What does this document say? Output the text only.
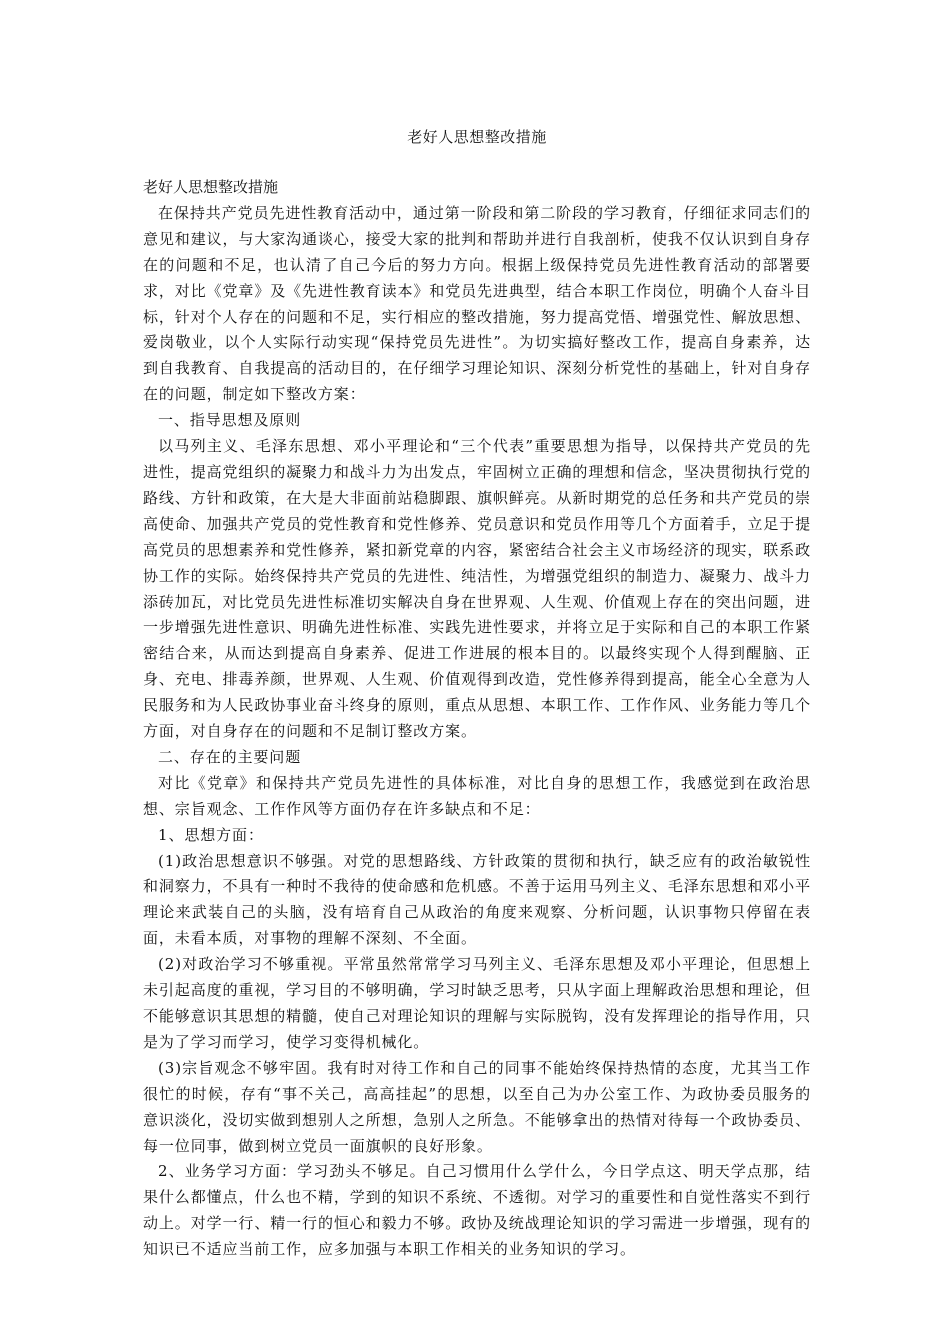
老好人思想整改措施

老好人思想整改措施

在保持共产党员先进性教育活动中，通过第一阶段和第二阶段的学习教育，仔细征求同志们的意见和建议，与大家沟通谈心，接受大家的批判和帮助并进行自我剖析，使我不仅认识到自身存在的问题和不足，也认清了自己今后的努力方向。根据上级保持党员先进性教育活动的部署要求，对比《党章》及《先进性教育读本》和党员先进典型，结合本职工作岗位，明确个人奋斗目标，针对个人存在的问题和不足，实行相应的整改措施，努力提高党悟、增强党性、解放思想、爱岗敬业，以个人实际行动实现“保持党员先进性”。为切实搞好整改工作，提高自身素养，达到自我教育、自我提高的活动目的，在仔细学习理论知识、深刻分析党性的基础上，针对自身存在的问题，制定如下整改方案：

一、指导思想及原则

以马列主义、毛泽东思想、邓小平理论和“三个代表”重要思想为指导，以保持共产党员的先进性，提高党组织的凝聚力和战斗力为出发点，牢固树立正确的理想和信念，坚决贯彻执行党的路线、方针和政策，在大是大非面前站稳脚跟、旗帜鲜亮。从新时期党的总任务和共产党员的崇高使命、加强共产党员的党性教育和党性修养、党员意识和党员作用等几个方面着手，立足于提高党员的思想素养和党性修养，紧扣新党章的内容，紧密结合社会主义市场经济的现实，联系政协工作的实际。始终保持共产党员的先进性、纯洁性，为增强党组织的制造力、凝聚力、战斗力添砖加瓦，对比党员先进性标准切实解决自身在世界观、人生观、价值观上存在的突出问题，进一步增强先进性意识、明确先进性标准、实践先进性要求，并将立足于实际和自己的本职工作紧密结合来，从而达到提高自身素养、促进工作进展的根本目的。以最终实现个人得到醒脑、正身、充电、排毒养颜，世界观、人生观、价值观得到改造，党性修养得到提高，能全心全意为人民服务和为人民政协事业奋斗终身的原则，重点从思想、本职工作、工作作风、业务能力等几个方面，对自身存在的问题和不足制订整改方案。

二、存在的主要问题

对比《党章》和保持共产党员先进性的具体标准，对比自身的思想工作，我感觉到在政治思想、宗旨观念、工作作风等方面仍存在许多缺点和不足：

1、思想方面：

(1)政治思想意识不够强。对党的思想路线、方针政策的贯彻和执行，缺乏应有的政治敏锐性和洞察力，不具有一种时不我待的使命感和危机感。不善于运用马列主义、毛泽东思想和邓小平理论来武装自己的头脑，没有培育自己从政治的角度来观察、分析问题，认识事物只停留在表面，未看本质，对事物的理解不深刻、不全面。

(2)对政治学习不够重视。平常虽然常常学习马列主义、毛泽东思想及邓小平理论，但思想上未引起高度的重视，学习目的不够明确，学习时缺乏思考，只从字面上理解政治思想和理论，但不能够意识其思想的精髓，使自己对理论知识的理解与实际脱钩，没有发挥理论的指导作用，只是为了学习而学习，使学习变得机械化。

(3)宗旨观念不够牢固。我有时对待工作和自己的同事不能始终保持热情的态度，尤其当工作很忙的时候，存有“事不关己，高高挂起”的思想，以至自己为办公室工作、为政协委员服务的意识淡化，没切实做到想别人之所想，急别人之所急。不能够拿出的热情对待每一个政协委员、每一位同事，做到树立党员一面旗帜的良好形象。

2、业务学习方面：学习劲头不够足。自己习惯用什么学什么，今日学点这、明天学点那，结果什么都懂点，什么也不精，学到的知识不系统、不透彻。对学习的重要性和自觉性落实不到行动上。对学一行、精一行的恒心和毅力不够。政协及统战理论知识的学习需进一步增强，现有的知识已不适应当前工作，应多加强与本职工作相关的业务知识的学习。
